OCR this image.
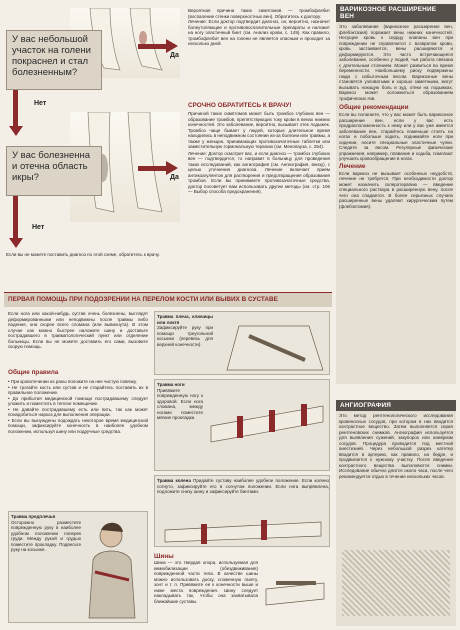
У вас небольшой участок на голени покраснел и стал болезненным?
Да
Нет
У вас болезненна и отечна область икры?	Да
Нет
Если вы не можете поставить диагноз по этой схеме, обратитесь к врачу.
Вероятная причина таких симптомов — тромбофлебит (воспаление стенки поверхностных вен). Обратитесь к доктору.
Лечение: Если доктор подтвердит диагноз, он, вероятно, назначит болеутоляющие и противовоспалительные препараты и наложит на ногу эластичный бинт (см. Анализ крови, с. 149). Как правило, тромбофлебит вен на голени не является опасным и проходит за несколько дней.
СРОЧНО ОБРАТИТЕСЬ К ВРАЧУ!
Причиной таких симптомов может быть тромбоз глубоких вен — образование тромбов, препятствующих току крови в венах нижних конечностей. Это заболевание, вероятно, вызывает отек лодыжек. Тромбоз чаще бывает у людей, которые длительное время находились в неподвижном состоянии из-за болезни или травмы, а также у женщин, принимающих противозачаточные таблетки или заместительную гормональную терапию (см. Менопауза, с. 254).
Лечение: Доктор осмотрит вас, и если диагноз — тромбоз глубоких вен — подтвердится, то направит в больницу для проведения таких исследований, как ангиография (см. Ангиография, внизу), с целью уточнения диагноза. Лечение включает прием антикоагулянтов для растворения и предотвращения образования тромбов. Если вы принимаете противозачаточные средства, доктор посоветует вам использовать другие методы (см. стр. 106 — Выбор способа предохранения).
ВАРИКОЗНОЕ РАСШИРЕНИЕ ВЕН
Это заболевание (варикозное расширение вен, флебэктазия) поражает вены нижних конечностей. Несущие кровь к сердцу клапаны вен при повреждении не справляются с возвратом крови, кровь застаивается, вены расширяются и деформируются. Это часто встречающееся заболевание, особенно у людей, чья работа связана с длительным стоянием. Может развиться во время беременности. Наибольшему риску подвержены люди с избыточным весом. Варикозные вены становятся узловатыми и хорошо заметными, могут вызывать ноющую боль и зуд, отеки на лодыжках. Варикоз может осложниться образованием трофических язв.
Общие рекомендации
Если вы полагаете, что у вас может быть варикозное расширение вен, если у вас есть предрасположенность к нему или у вас уже имеется заболевание вен, старайтесь поменьше стоять на ногах и побольше ходить, поднимайте ноги при сидении, носите специальные эластичные чулки. Следите за весом. Регулярные физические упражнения, например, плавание и ходьба, помогают улучшить кровообращение в ногах.
Лечение
Если варикоз не вызывает особенных неудобств, лечение не требуется. При необходимости доктор может назначить склеротерапию — введение специального раствора в расширенную вену, после чего она спадается. В более серьезных случаях расширенные вены удаляют хирургическим путем (флебэктомия).
АНГИОГРАФИЯ
Это метод рентгенологического исследования кровеносных сосудов, при котором в них вводится контрастное вещество. Затем выполняется серия рентгеновских снимков. Ангиография используется для выявления сужений, закупорок или аневризм сосудов. Процедура проводится под местной анестезией. Через небольшой разрез катетер вводится в артерию, как правило, на бедре, и продвигается к нужному участку. После введения контрастного вещества выполняются снимки. Исследование обычно длится около часа, после чего рекомендуется отдых в течение нескольких часов.
ПЕРВАЯ ПОМОЩЬ ПРИ ПОДОЗРЕНИИ НА ПЕРЕЛОМ КОСТИ ИЛИ ВЫВИХ В СУСТАВЕ
Если нога или какой-нибудь сустав очень болезнены, выглядят деформированными или неподвижны после травмы либо падения, она скорее всего сломана (или вывихнута). В этом случае как можно быстрее наложите шину и доставьте пострадавшего в травматологический пункт или отделение больницы. Если вы не можете доставить его сами, вызовите скорую помощь.
Общие правила
• При кровотечении из раны положите на нее чистую повязку.
• Не трогайте кость или сустав и не старайтесь поставить их в правильное положение.
• До прибытия медицинской помощи пострадавшему следует уложить и поместить в теплое помещение.
• Не давайте пострадавшему есть или пить, так как может понадобиться наркоз для выполнения операции.
• Если вы вынуждены подождать некоторое время медицинской помощи, зафиксируйте конечность в наиболее удобном положении, используя шину или подручные средства.
Травма предплечья
Осторожно разместите поврежденную руку в наиболее удобном положении поперек груди. Между рукой и грудью поместите прокладку. Подвесьте руку на косынке.
Травма плеча, ключицы или локтя
Зафиксируйте руку при помощи треугольной косынки (перевязь для верхней конечности).
Травма ноги
Привяжите поврежденную ногу к здоровой. Если нога сломана, между ногами поместите мягкие прокладки.
Травма колена Придайте суставу наиболее удобное положение. Если колено согнуто, зафиксируйте его в согнутом положении. Если нога выпрямлена, подложите снизу шину и зафиксируйте бинтами.
Шины
Шина — это твердая опора, используемая для иммобилизации (обездвиживания) поврежденной части тела. В качестве шины можно использовать доску, сложенную газету, зонт и т. п. Привяжите ее к конечности выше и ниже места повреждения. Шину следует накладывать так, чтобы она захватывала ближайшие суставы.
